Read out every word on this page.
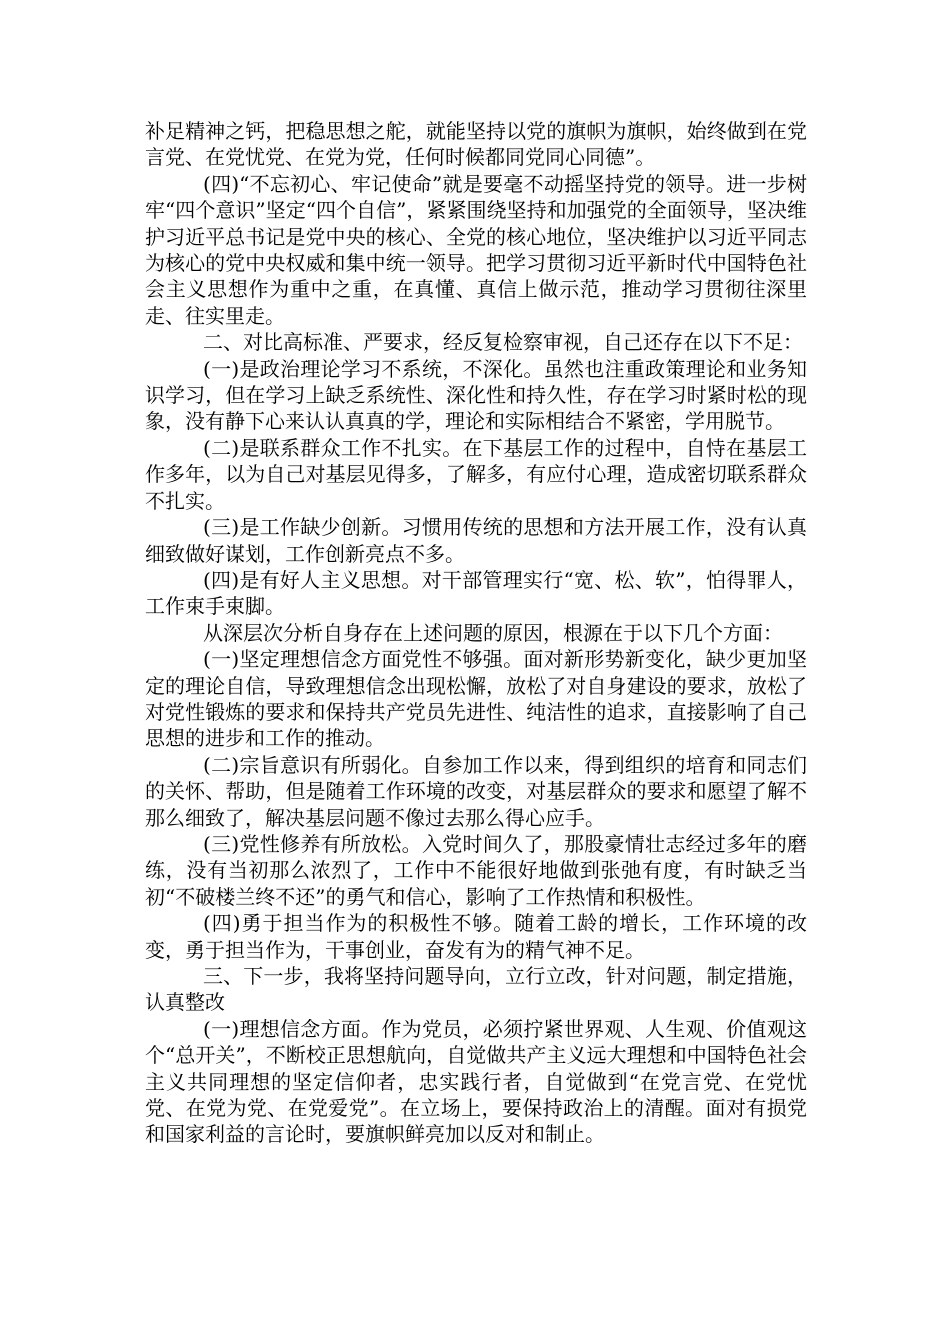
补足精神之钙，把稳思想之舵，就能坚持以党的旗帜为旗帜，始终做到在党言党、在党忧党、在党为党，任何时候都同党同心同德”。

(四)“不忘初心、牢记使命”就是要毫不动摇坚持党的领导。进一步树牢“四个意识”坚定“四个自信”，紧紧围绕坚持和加强党的全面领导，坚决维护习近平总书记是党中央的核心、全党的核心地位，坚决维护以习近平同志为核心的党中央权威和集中统一领导。把学习贯彻习近平新时代中国特色社会主义思想作为重中之重，在真懂、真信上做示范，推动学习贯彻往深里走、往实里走。

二、对比高标准、严要求，经反复检察审视，自己还存在以下不足：

(一)是政治理论学习不系统，不深化。虽然也注重政策理论和业务知识学习，但在学习上缺乏系统性、深化性和持久性，存在学习时紧时松的现象，没有静下心来认认真真的学，理论和实际相结合不紧密，学用脱节。

(二)是联系群众工作不扎实。在下基层工作的过程中，自恃在基层工作多年，以为自己对基层见得多，了解多，有应付心理，造成密切联系群众不扎实。

(三)是工作缺少创新。习惯用传统的思想和方法开展工作，没有认真细致做好谋划，工作创新亮点不多。

(四)是有好人主义思想。对干部管理实行“宽、松、软”，怕得罪人，工作束手束脚。

从深层次分析自身存在上述问题的原因，根源在于以下几个方面：

(一)坚定理想信念方面党性不够强。面对新形势新变化，缺少更加坚定的理论自信，导致理想信念出现松懈，放松了对自身建设的要求，放松了对党性锻炼的要求和保持共产党员先进性、纯洁性的追求，直接影响了自己思想的进步和工作的推动。

(二)宗旨意识有所弱化。自参加工作以来，得到组织的培育和同志们的关怀、帮助，但是随着工作环境的改变，对基层群众的要求和愿望了解不那么细致了，解决基层问题不像过去那么得心应手。

(三)党性修养有所放松。入党时间久了，那股豪情壮志经过多年的磨练，没有当初那么浓烈了，工作中不能很好地做到张弛有度，有时缺乏当初“不破楼兰终不还”的勇气和信心，影响了工作热情和积极性。

(四)勇于担当作为的积极性不够。随着工龄的增长，工作环境的改变，勇于担当作为，干事创业，奋发有为的精气神不足。

三、下一步，我将坚持问题导向，立行立改，针对问题，制定措施，认真整改

(一)理想信念方面。作为党员，必须拧紧世界观、人生观、价值观这个“总开关”，不断校正思想航向，自觉做共产主义远大理想和中国特色社会主义共同理想的坚定信仰者，忠实践行者，自觉做到“在党言党、在党忧党、在党为党、在党爱党”。在立场上，要保持政治上的清醒。面对有损党和国家利益的言论时，要旗帜鲜亮加以反对和制止。
